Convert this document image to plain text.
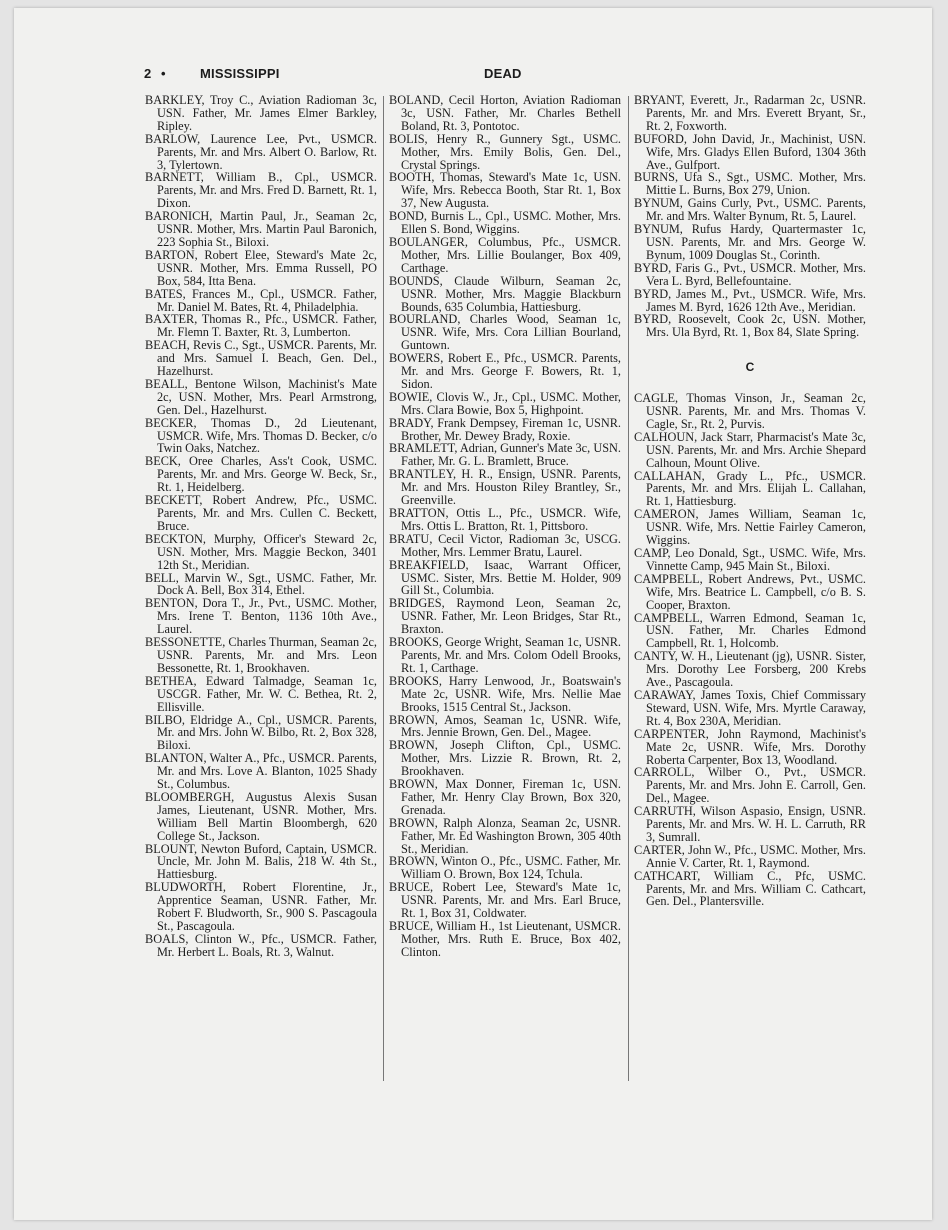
2 •	MISSISSIPPI	DEAD

BARKLEY, Troy C., Aviation Radioman 3c, USN. Father, Mr. James Elmer Barkley, Ripley.

BARLOW, Laurence Lee, Pvt., USMCR. Parents, Mr. and Mrs. Albert O. Barlow, Rt. 3, Tylertown.

BARNETT, William B., Cpl., USMCR. Parents, Mr. and Mrs. Fred D. Barnett, Rt. 1, Dixon.

BARONICH, Martin Paul, Jr., Seaman 2c, USNR. Mother, Mrs. Martin Paul Baronich, 223 Sophia St., Biloxi.

BARTON, Robert Elee, Steward's Mate 2c, USNR. Mother, Mrs. Emma Russell, PO Box, 584, Itta Bena.

BATES, Frances M., Cpl., USMCR. Father, Mr. Daniel M. Bates, Rt. 4, Philadelphia.

BAXTER, Thomas R., Pfc., USMCR. Father, Mr. Flemn T. Baxter, Rt. 3, Lumberton.

BEACH, Revis C., Sgt., USMCR. Parents, Mr. and Mrs. Samuel I. Beach, Gen. Del., Hazelhurst.

BEALL, Bentone Wilson, Machinist's Mate 2c, USN. Mother, Mrs. Pearl Armstrong, Gen. Del., Hazelhurst.

BECKER, Thomas D., 2d Lieutenant, USMCR. Wife, Mrs. Thomas D. Becker, c/o Twin Oaks, Natchez.

BECK, Oree Charles, Ass't Cook, USMC. Parents, Mr. and Mrs. George W. Beck, Sr., Rt. 1, Heidelberg.

BECKETT, Robert Andrew, Pfc., USMC. Parents, Mr. and Mrs. Cullen C. Beckett, Bruce.

BECKTON, Murphy, Officer's Steward 2c, USN. Mother, Mrs. Maggie Beckon, 3401 12th St., Meridian.

BELL, Marvin W., Sgt., USMC. Father, Mr. Dock A. Bell, Box 314, Ethel.

BENTON, Dora T., Jr., Pvt., USMC. Mother, Mrs. Irene T. Benton, 1136 10th Ave., Laurel.

BESSONETTE, Charles Thurman, Seaman 2c, USNR. Parents, Mr. and Mrs. Leon Bessonette, Rt. 1, Brookhaven.

BETHEA, Edward Talmadge, Seaman 1c, USCGR. Father, Mr. W. C. Bethea, Rt. 2, Ellisville.

BILBO, Eldridge A., Cpl., USMCR. Parents, Mr. and Mrs. John W. Bilbo, Rt. 2, Box 328, Biloxi.

BLANTON, Walter A., Pfc., USMCR. Parents, Mr. and Mrs. Love A. Blanton, 1025 Shady St., Columbus.

BLOOMBERGH, Augustus Alexis Susan James, Lieutenant, USNR. Mother, Mrs. William Bell Martin Bloombergh, 620 College St., Jackson.

BLOUNT, Newton Buford, Captain, USMCR. Uncle, Mr. John M. Balis, 218 W. 4th St., Hattiesburg.

BLUDWORTH, Robert Florentine, Jr., Apprentice Seaman, USNR. Father, Mr. Robert F. Bludworth, Sr., 900 S. Pascagoula St., Pascagoula.

BOALS, Clinton W., Pfc., USMCR. Father, Mr. Herbert L. Boals, Rt. 3, Walnut.

BOLAND, Cecil Horton, Aviation Radioman 3c, USN. Father, Mr. Charles Bethell Boland, Rt. 3, Pontotoc.

BOLIS, Henry R., Gunnery Sgt., USMC. Mother, Mrs. Emily Bolis, Gen. Del., Crystal Springs.

BOOTH, Thomas, Steward's Mate 1c, USN. Wife, Mrs. Rebecca Booth, Star Rt. 1, Box 37, New Augusta.

BOND, Burnis L., Cpl., USMC. Mother, Mrs. Ellen S. Bond, Wiggins.

BOULANGER, Columbus, Pfc., USMCR. Mother, Mrs. Lillie Boulanger, Box 409, Carthage.

BOUNDS, Claude Wilburn, Seaman 2c, USNR. Mother, Mrs. Maggie Blackburn Bounds, 635 Columbia, Hattiesburg.

BOURLAND, Charles Wood, Seaman 1c, USNR. Wife, Mrs. Cora Lillian Bourland, Guntown.

BOWERS, Robert E., Pfc., USMCR. Parents, Mr. and Mrs. George F. Bowers, Rt. 1, Sidon.

BOWIE, Clovis W., Jr., Cpl., USMC. Mother, Mrs. Clara Bowie, Box 5, Highpoint.

BRADY, Frank Dempsey, Fireman 1c, USNR. Brother, Mr. Dewey Brady, Roxie.

BRAMLETT, Adrian, Gunner's Mate 3c, USN. Father, Mr. G. L. Bramlett, Bruce.

BRANTLEY, H. R., Ensign, USNR. Parents, Mr. and Mrs. Houston Riley Brantley, Sr., Greenville.

BRATTON, Ottis L., Pfc., USMCR. Wife, Mrs. Ottis L. Bratton, Rt. 1, Pittsboro.

BRATU, Cecil Victor, Radioman 3c, USCG. Mother, Mrs. Lemmer Bratu, Laurel.

BREAKFIELD, Isaac, Warrant Officer, USMC. Sister, Mrs. Bettie M. Holder, 909 Gill St., Columbia.

BRIDGES, Raymond Leon, Seaman 2c, USNR. Father, Mr. Leon Bridges, Star Rt., Braxton.

BROOKS, George Wright, Seaman 1c, USNR. Parents, Mr. and Mrs. Colom Odell Brooks, Rt. 1, Carthage.

BROOKS, Harry Lenwood, Jr., Boatswain's Mate 2c, USNR. Wife, Mrs. Nellie Mae Brooks, 1515 Central St., Jackson.

BROWN, Amos, Seaman 1c, USNR. Wife, Mrs. Jennie Brown, Gen. Del., Magee.

BROWN, Joseph Clifton, Cpl., USMC. Mother, Mrs. Lizzie R. Brown, Rt. 2, Brookhaven.

BROWN, Max Donner, Fireman 1c, USN. Father, Mr. Henry Clay Brown, Box 320, Grenada.

BROWN, Ralph Alonza, Seaman 2c, USNR. Father, Mr. Ed Washington Brown, 305 40th St., Meridian.

BROWN, Winton O., Pfc., USMC. Father, Mr. William O. Brown, Box 124, Tchula.

BRUCE, Robert Lee, Steward's Mate 1c, USNR. Parents, Mr. and Mrs. Earl Bruce, Rt. 1, Box 31, Coldwater.

BRUCE, William H., 1st Lieutenant, USMCR. Mother, Mrs. Ruth E. Bruce, Box 402, Clinton.

BRYANT, Everett, Jr., Radarman 2c, USNR. Parents, Mr. and Mrs. Everett Bryant, Sr., Rt. 2, Foxworth.

BUFORD, John David, Jr., Machinist, USN. Wife, Mrs. Gladys Ellen Buford, 1304 36th Ave., Gulfport.

BURNS, Ufa S., Sgt., USMC. Mother, Mrs. Mittie L. Burns, Box 279, Union.

BYNUM, Gains Curly, Pvt., USMC. Parents, Mr. and Mrs. Walter Bynum, Rt. 5, Laurel.

BYNUM, Rufus Hardy, Quartermaster 1c, USN. Parents, Mr. and Mrs. George W. Bynum, 1009 Douglas St., Corinth.

BYRD, Faris G., Pvt., USMCR. Mother, Mrs. Vera L. Byrd, Bellefountaine.

BYRD, James M., Pvt., USMCR. Wife, Mrs. James M. Byrd, 1626 12th Ave., Meridian.

BYRD, Roosevelt, Cook 2c, USN. Mother, Mrs. Ula Byrd, Rt. 1, Box 84, Slate Spring.

C

CAGLE, Thomas Vinson, Jr., Seaman 2c, USNR. Parents, Mr. and Mrs. Thomas V. Cagle, Sr., Rt. 2, Purvis.

CALHOUN, Jack Starr, Pharmacist's Mate 3c, USN. Parents, Mr. and Mrs. Archie Shepard Calhoun, Mount Olive.

CALLAHAN, Grady L., Pfc., USMCR. Parents, Mr. and Mrs. Elijah L. Callahan, Rt. 1, Hattiesburg.

CAMERON, James William, Seaman 1c, USNR. Wife, Mrs. Nettie Fairley Cameron, Wiggins.

CAMP, Leo Donald, Sgt., USMC. Wife, Mrs. Vinnette Camp, 945 Main St., Biloxi.

CAMPBELL, Robert Andrews, Pvt., USMC. Wife, Mrs. Beatrice L. Campbell, c/o B. S. Cooper, Braxton.

CAMPBELL, Warren Edmond, Seaman 1c, USN. Father, Mr. Charles Edmond Campbell, Rt. 1, Holcomb.

CANTY, W. H., Lieutenant (jg), USNR. Sister, Mrs. Dorothy Lee Forsberg, 200 Krebs Ave., Pascagoula.

CARAWAY, James Toxis, Chief Commissary Steward, USN. Wife, Mrs. Myrtle Caraway, Rt. 4, Box 230A, Meridian.

CARPENTER, John Raymond, Machinist's Mate 2c, USNR. Wife, Mrs. Dorothy Roberta Carpenter, Box 13, Woodland.

CARROLL, Wilber O., Pvt., USMCR. Parents, Mr. and Mrs. John E. Carroll, Gen. Del., Magee.

CARRUTH, Wilson Aspasio, Ensign, USNR. Parents, Mr. and Mrs. W. H. L. Carruth, RR 3, Sumrall.

CARTER, John W., Pfc., USMC. Mother, Mrs. Annie V. Carter, Rt. 1, Raymond.

CATHCART, William C., Pfc, USMC. Parents, Mr. and Mrs. William C. Cathcart, Gen. Del., Plantersville.
